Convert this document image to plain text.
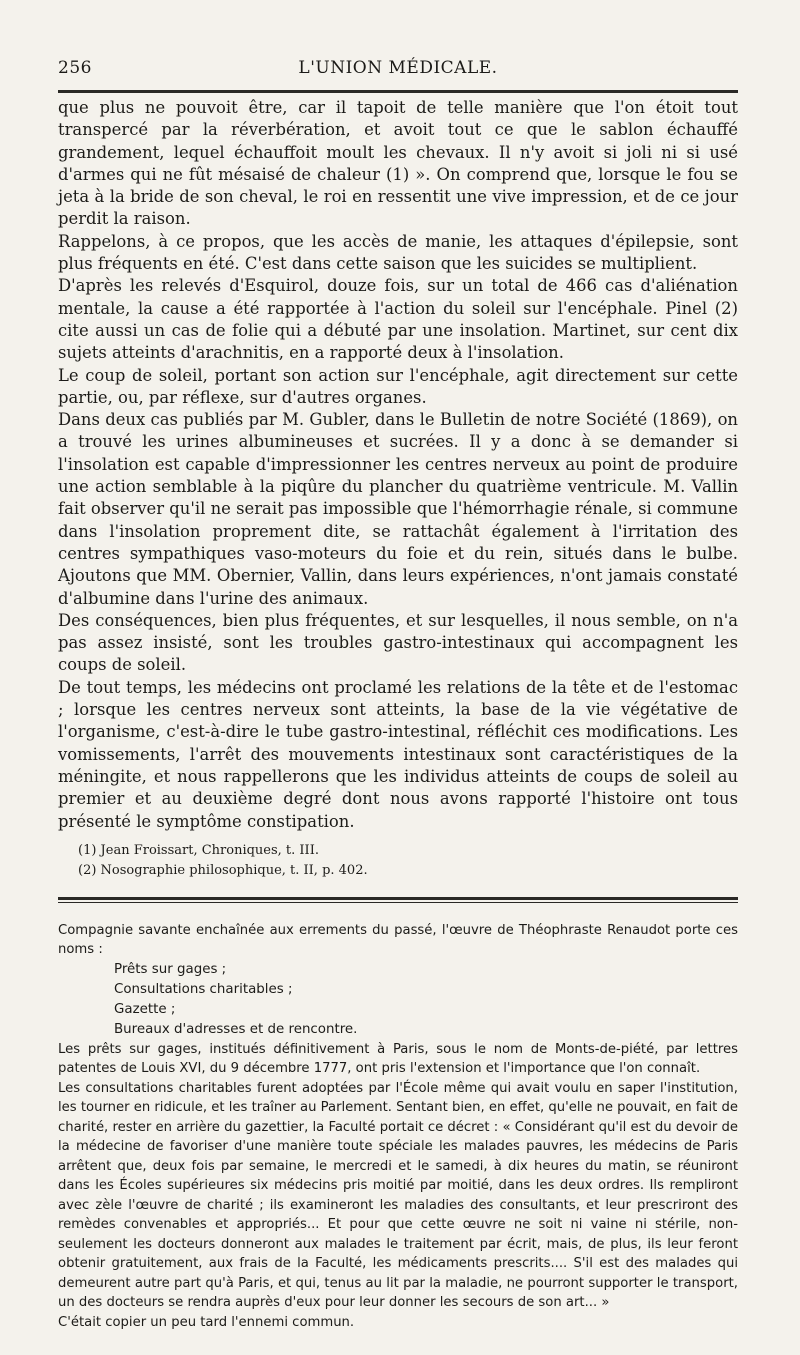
256	L'UNION MÉDICALE.

que plus ne pouvoit être, car il tapoit de telle manière que l'on étoit tout transpercé par la réverbération, et avoit tout ce que le sablon échauffé grandement, lequel échauffoit moult les chevaux. Il n'y avoit si joli ni si usé d'armes qui ne fût mésaisé de chaleur (1) ». On comprend que, lorsque le fou se jeta à la bride de son cheval, le roi en ressentit une vive impression, et de ce jour perdit la raison.

Rappelons, à ce propos, que les accès de manie, les attaques d'épilepsie, sont plus fréquents en été. C'est dans cette saison que les suicides se multiplient.

D'après les relevés d'Esquirol, douze fois, sur un total de 466 cas d'aliénation mentale, la cause a été rapportée à l'action du soleil sur l'encéphale. Pinel (2) cite aussi un cas de folie qui a débuté par une insolation. Martinet, sur cent dix sujets atteints d'arachnitis, en a rapporté deux à l'insolation.

Le coup de soleil, portant son action sur l'encéphale, agit directement sur cette partie, ou, par réflexe, sur d'autres organes.

Dans deux cas publiés par M. Gubler, dans le Bulletin de notre Société (1869), on a trouvé les urines albumineuses et sucrées. Il y a donc à se demander si l'insolation est capable d'impressionner les centres nerveux au point de produire une action semblable à la piqûre du plancher du quatrième ventricule. M. Vallin fait observer qu'il ne serait pas impossible que l'hémorrhagie rénale, si commune dans l'insolation proprement dite, se rattachât également à l'irritation des centres sympathiques vaso-moteurs du foie et du rein, situés dans le bulbe. Ajoutons que MM. Obernier, Vallin, dans leurs expériences, n'ont jamais constaté d'albumine dans l'urine des animaux.

Des conséquences, bien plus fréquentes, et sur lesquelles, il nous semble, on n'a pas assez insisté, sont les troubles gastro-intestinaux qui accompagnent les coups de soleil.

De tout temps, les médecins ont proclamé les relations de la tête et de l'estomac ; lorsque les centres nerveux sont atteints, la base de la vie végétative de l'organisme, c'est-à-dire le tube gastro-intestinal, réfléchit ces modifications. Les vomissements, l'arrêt des mouvements intestinaux sont caractéristiques de la méningite, et nous rappellerons que les individus atteints de coups de soleil au premier et au deuxième degré dont nous avons rapporté l'histoire ont tous présenté le symptôme constipation.

(1) Jean Froissart, Chroniques, t. III.
(2) Nosographie philosophique, t. II, p. 402.

Compagnie savante enchaînée aux errements du passé, l'œuvre de Théophraste Renaudot porte ces noms :

Prêts sur gages ;
Consultations charitables ;
Gazette ;
Bureaux d'adresses et de rencontre.

Les prêts sur gages, institués définitivement à Paris, sous le nom de Monts-de-piété, par lettres patentes de Louis XVI, du 9 décembre 1777, ont pris l'extension et l'importance que l'on connaît.

Les consultations charitables furent adoptées par l'École même qui avait voulu en saper l'institution, les tourner en ridicule, et les traîner au Parlement. Sentant bien, en effet, qu'elle ne pouvait, en fait de charité, rester en arrière du gazettier, la Faculté portait ce décret : « Considérant qu'il est du devoir de la médecine de favoriser d'une manière toute spéciale les malades pauvres, les médecins de Paris arrêtent que, deux fois par semaine, le mercredi et le samedi, à dix heures du matin, se réuniront dans les Écoles supérieures six médecins pris moitié par moitié, dans les deux ordres. Ils rempliront avec zèle l'œuvre de charité ; ils examineront les maladies des consultants, et leur prescriront des remèdes convenables et appropriés... Et pour que cette œuvre ne soit ni vaine ni stérile, non-seulement les docteurs donneront aux malades le traitement par écrit, mais, de plus, ils leur feront obtenir gratuitement, aux frais de la Faculté, les médicaments prescrits.... S'il est des malades qui demeurent autre part qu'à Paris, et qui, tenus au lit par la maladie, ne pourront supporter le transport, un des docteurs se rendra auprès d'eux pour leur donner les secours de son art... »

C'était copier un peu tard l'ennemi commun.
